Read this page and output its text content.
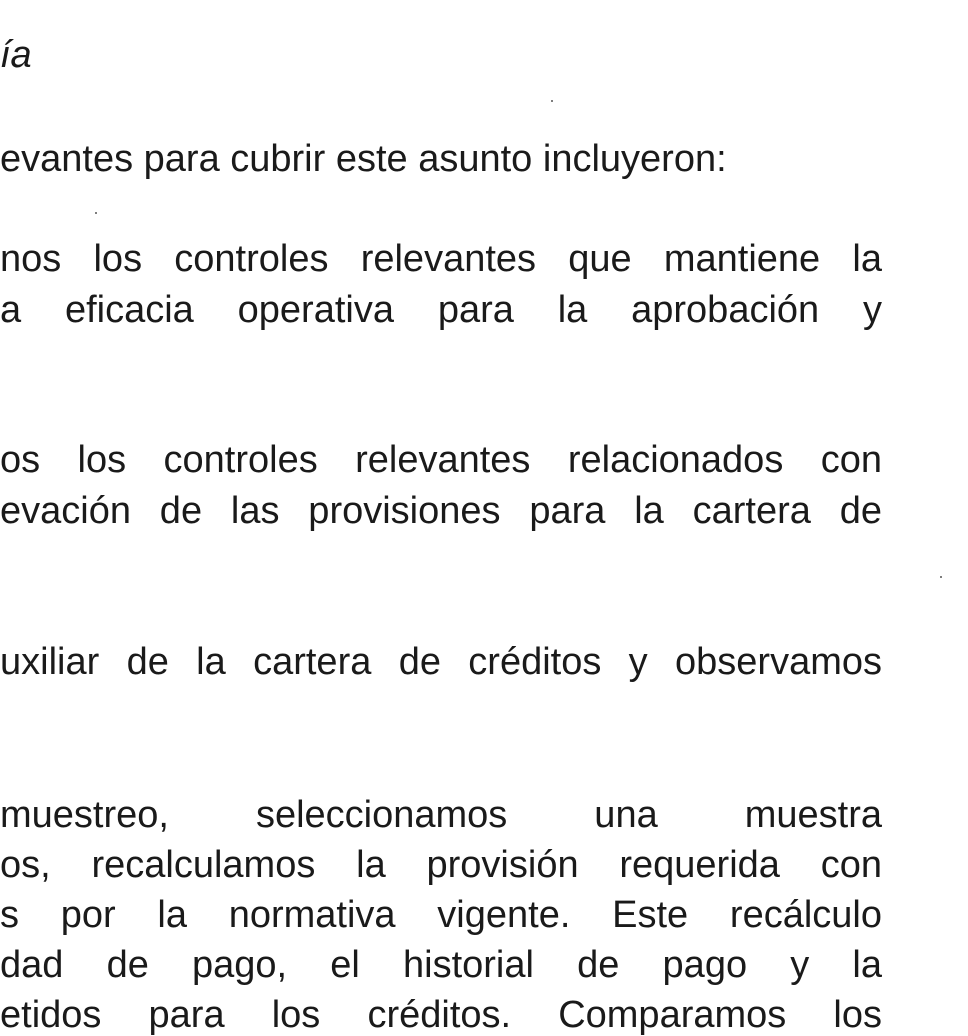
ía
evantes para cubrir este asunto incluyeron:
nos los controles relevantes que mantiene la
a eficacia operativa para la aprobación y
os los controles relevantes relacionados con
evación de las provisiones para la cartera de
uxiliar de la cartera de créditos y observamos
muestreo, seleccionamos una muestra
os, recalculamos la provisión requerida con
s por la normativa vigente. Este recálculo
dad de pago, el historial de pago y la
etidos para los créditos. Comparamos los
